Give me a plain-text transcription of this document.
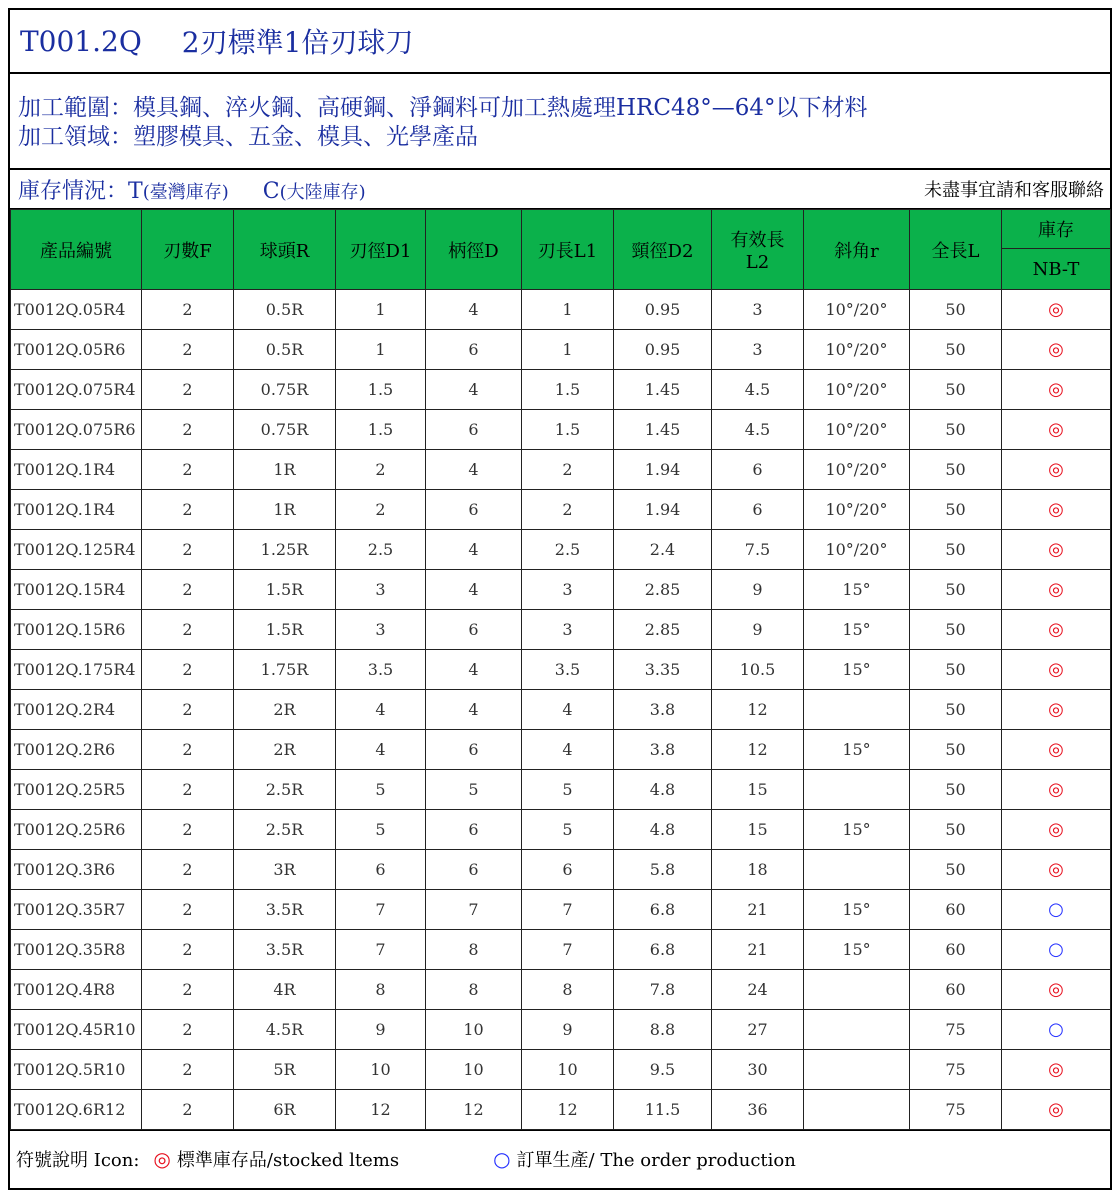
T001.2Q 2刃標準1倍刃球刀
加工範圍：模具鋼、淬火鋼、高硬鋼、淨鋼料可加工熱處理HRC48°—64°以下材料
加工領域：塑膠模具、五金、模具、光學產品
庫存情況：T(臺灣庫存) C(大陸庫存)	未盡事宜請和客服聯絡
產品編號	刃數F	球頭R	刃徑D1	柄徑D	刃長L1	頸徑D2	有效長
L2	斜角r	全長L	庫存
										NB-T
T0012Q.05R4	2	0.5R	1	4	1	0.95	3	10°/20°	50	◎
T0012Q.05R6	2	0.5R	1	6	1	0.95	3	10°/20°	50	◎
T0012Q.075R4	2	0.75R	1.5	4	1.5	1.45	4.5	10°/20°	50	◎
T0012Q.075R6	2	0.75R	1.5	6	1.5	1.45	4.5	10°/20°	50	◎
T0012Q.1R4	2	1R	2	4	2	1.94	6	10°/20°	50	◎
T0012Q.1R4	2	1R	2	6	2	1.94	6	10°/20°	50	◎
T0012Q.125R4	2	1.25R	2.5	4	2.5	2.4	7.5	10°/20°	50	◎
T0012Q.15R4	2	1.5R	3	4	3	2.85	9	15°	50	◎
T0012Q.15R6	2	1.5R	3	6	3	2.85	9	15°	50	◎
T0012Q.175R4	2	1.75R	3.5	4	3.5	3.35	10.5	15°	50	◎
T0012Q.2R4	2	2R	4	4	4	3.8	12		50	◎
T0012Q.2R6	2	2R	4	6	4	3.8	12	15°	50	◎
T0012Q.25R5	2	2.5R	5	5	5	4.8	15		50	◎
T0012Q.25R6	2	2.5R	5	6	5	4.8	15	15°	50	◎
T0012Q.3R6	2	3R	6	6	6	5.8	18		50	◎
T0012Q.35R7	2	3.5R	7	7	7	6.8	21	15°	60	○
T0012Q.35R8	2	3.5R	7	8	7	6.8	21	15°	60	○
T0012Q.4R8	2	4R	8	8	8	7.8	24		60	◎
T0012Q.45R10	2	4.5R	9	10	9	8.8	27		75	○
T0012Q.5R10	2	5R	10	10	10	9.5	30		75	◎
T0012Q.6R12	2	6R	12	12	12	11.5	36		75	◎
符號說明 Icon: ◎ 標準庫存品/stocked ltems	○ 訂單生產/ The order production
